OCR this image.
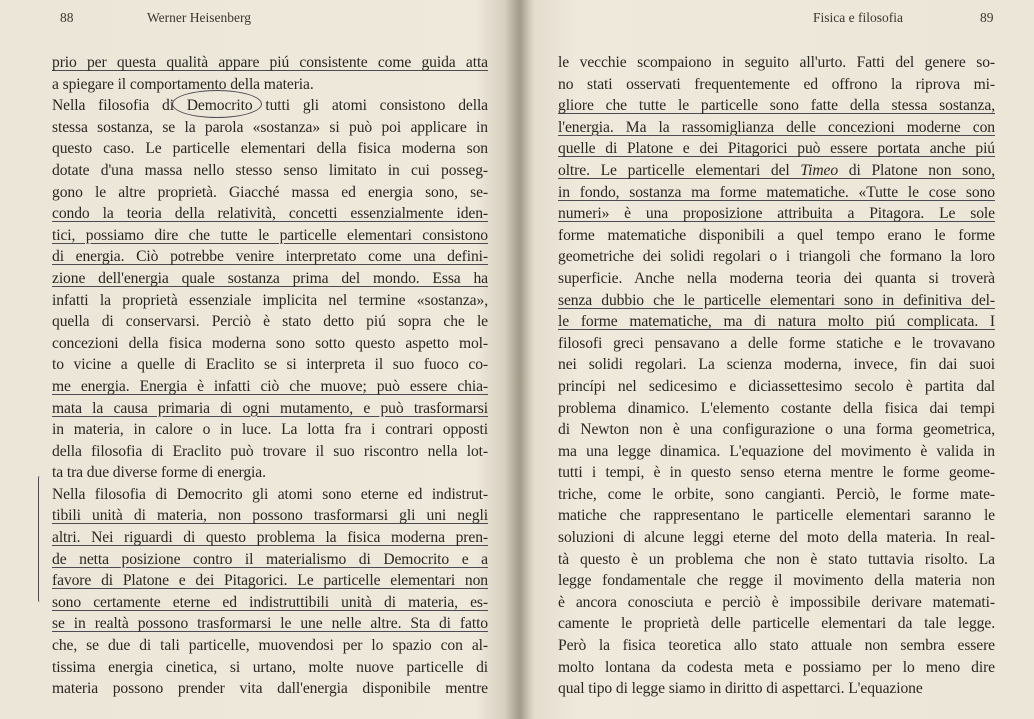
88	Werner Heisenberg
prio per questa qualità appare piú consistente come guida atta
a spiegare il comportamento della materia.
Nella filosofia di Democrito tutti gli atomi consistono della
stessa sostanza, se la parola «sostanza» si può poi applicare in
questo caso. Le particelle elementari della fisica moderna son
dotate d'una massa nello stesso senso limitato in cui posseg-
gono le altre proprietà. Giacché massa ed energia sono, se-
condo la teoria della relatività, concetti essenzialmente iden-
tici, possiamo dire che tutte le particelle elementari consistono
di energia. Ciò potrebbe venire interpretato come una defini-
zione dell'energia quale sostanza prima del mondo. Essa ha
infatti la proprietà essenziale implicita nel termine «sostanza»,
quella di conservarsi. Perciò è stato detto piú sopra che le
concezioni della fisica moderna sono sotto questo aspetto mol-
to vicine a quelle di Eraclito se si interpreta il suo fuoco co-
me energia. Energia è infatti ciò che muove; può essere chia-
mata la causa primaria di ogni mutamento, e può trasformarsi
in materia, in calore o in luce. La lotta fra i contrari opposti
della filosofia di Eraclito può trovare il suo riscontro nella lot-
ta tra due diverse forme di energia.
Nella filosofia di Democrito gli atomi sono eterne ed indistrut-
tibili unità di materia, non possono trasformarsi gli uni negli
altri. Nei riguardi di questo problema la fisica moderna pren-
de netta posizione contro il materialismo di Democrito e a
favore di Platone e dei Pitagorici. Le particelle elementari non
sono certamente eterne ed indistruttibili unità di materia, es-
se in realtà possono trasformarsi le une nelle altre. Sta di fatto
che, se due di tali particelle, muovendosi per lo spazio con al-
tissima energia cinetica, si urtano, molte nuove particelle di
materia possono prender vita dall'energia disponibile mentre
Fisica e filosofia	89
le vecchie scompaiono in seguito all'urto. Fatti del genere so-
no stati osservati frequentemente ed offrono la riprova mi-
gliore che tutte le particelle sono fatte della stessa sostanza,
l'energia. Ma la rassomiglianza delle concezioni moderne con
quelle di Platone e dei Pitagorici può essere portata anche piú
oltre. Le particelle elementari del Timeo di Platone non sono,
in fondo, sostanza ma forme matematiche. «Tutte le cose sono
numeri» è una proposizione attribuita a Pitagora. Le sole
forme matematiche disponibili a quel tempo erano le forme
geometriche dei solidi regolari o i triangoli che formano la loro
superficie. Anche nella moderna teoria dei quanta si troverà
senza dubbio che le particelle elementari sono in definitiva del-
le forme matematiche, ma di natura molto piú complicata. I
filosofi greci pensavano a delle forme statiche e le trovavano
nei solidi regolari. La scienza moderna, invece, fin dai suoi
princípi nel sedicesimo e diciassettesimo secolo è partita dal
problema dinamico. L'elemento costante della fisica dai tempi
di Newton non è una configurazione o una forma geometrica,
ma una legge dinamica. L'equazione del movimento è valida in
tutti i tempi, è in questo senso eterna mentre le forme geome-
triche, come le orbite, sono cangianti. Perciò, le forme mate-
matiche che rappresentano le particelle elementari saranno le
soluzioni di alcune leggi eterne del moto della materia. In real-
tà questo è un problema che non è stato tuttavia risolto. La
legge fondamentale che regge il movimento della materia non
è ancora conosciuta e perciò è impossibile derivare matemati-
camente le proprietà delle particelle elementari da tale legge.
Però la fisica teoretica allo stato attuale non sembra essere
molto lontana da codesta meta e possiamo per lo meno dire
qual tipo di legge siamo in diritto di aspettarci. L'equazione
